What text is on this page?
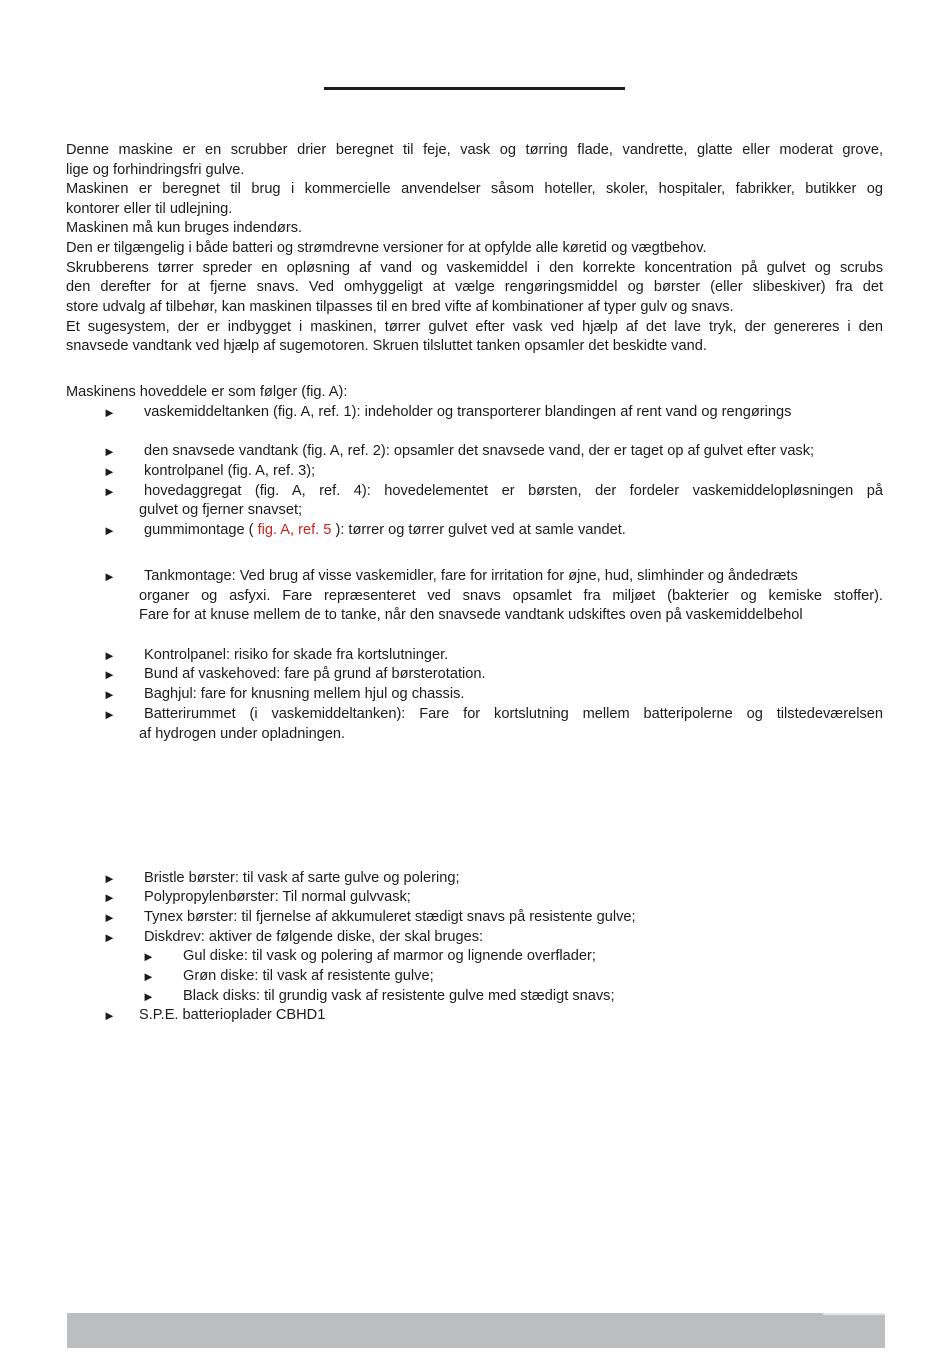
Denne maskine er en scrubber drier beregnet til feje, vask og tørring flade, vandrette, glatte eller moderat grove,
lige og forhindringsfri gulve.
Maskinen er beregnet til brug i kommercielle anvendelser såsom hoteller, skoler, hospitaler, fabrikker, butikker og
kontorer eller til udlejning.
Maskinen må kun bruges indendørs.
Den er tilgængelig i både batteri og strømdrevne versioner for at opfylde alle køretid og vægtbehov.
Skrubberens tørrer spreder en opløsning af vand og vaskemiddel i den korrekte koncentration på gulvet og scrubs
den derefter for at fjerne snavs. Ved omhyggeligt at vælge rengøringsmiddel og børster (eller slibeskiver) fra det
store udvalg af tilbehør, kan maskinen tilpasses til en bred vifte af kombinationer af typer gulv og snavs.
Et sugesystem, der er indbygget i maskinen, tørrer gulvet efter vask ved hjælp af det lave tryk, der genereres i den
snavsede vandtank ved hjælp af sugemotoren. Skruen tilsluttet tanken opsamler det beskidte vand.
Maskinens hoveddele er som følger (fig. A):
► vaskemiddeltanken (fig. A, ref. 1): indeholder og transporterer blandingen af rent vand og rengørings
► den snavsede vandtank (fig. A, ref. 2): opsamler det snavsede vand, der er taget op af gulvet efter vask;
► kontrolpanel (fig. A, ref. 3);
► hovedaggregat (fig. A, ref. 4): hovedelementet er børsten, der fordeler vaskemiddelopløsningen på
gulvet og fjerner snavset;
► gummimontage ( fig. A, ref. 5 ): tørrer og tørrer gulvet ved at samle vandet.
► Tankmontage: Ved brug af visse vaskemidler, fare for irritation for øjne, hud, slimhinder og åndedræts
organer og asfyxi. Fare repræsenteret ved snavs opsamlet fra miljøet (bakterier og kemiske stoffer).
Fare for at knuse mellem de to tanke, når den snavsede vandtank udskiftes oven på vaskemiddelbehol
► Kontrolpanel: risiko for skade fra kortslutninger.
► Bund af vaskehoved: fare på grund af børsterotation.
► Baghjul: fare for knusning mellem hjul og chassis.
► Batterirummet (i vaskemiddeltanken): Fare for kortslutning mellem batteripolerne og tilstedeværelsen
af hydrogen under opladningen.
► Bristle børster: til vask af sarte gulve og polering;
► Polypropylenbørster: Til normal gulvvask;
► Tynex børster: til fjernelse af akkumuleret stædigt snavs på resistente gulve;
► Diskdrev: aktiver de følgende diske, der skal bruges:
► Gul diske: til vask og polering af marmor og lignende overflader;
► Grøn diske: til vask af resistente gulve;
► Black disks: til grundig vask af resistente gulve med stædigt snavs;
► S.P.E. batterioplader CBHD1
